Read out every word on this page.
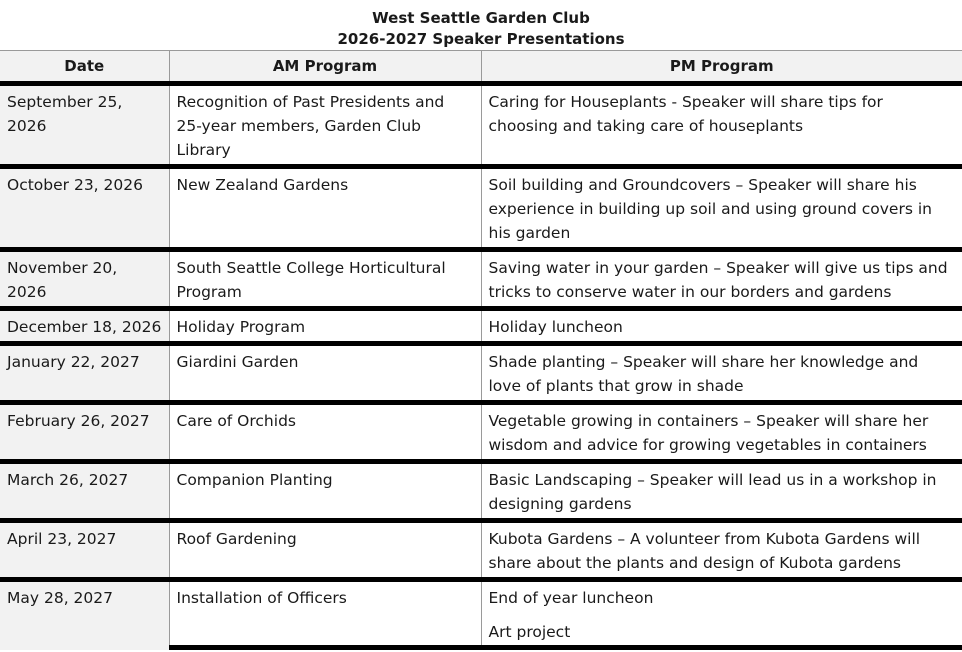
West Seattle Garden Club
2026-2027 Speaker Presentations
Date	AM Program	PM Program
September 25, 2026	Recognition of Past Presidents and 25-year members, Garden Club Library	Caring for Houseplants - Speaker will share tips for choosing and taking care of houseplants
October 23, 2026	New Zealand Gardens	Soil building and Groundcovers – Speaker will share his experience in building up soil and using ground covers in his garden
November 20, 2026	South Seattle College Horticultural Program	Saving water in your garden – Speaker will give us tips and tricks to conserve water in our borders and gardens
December 18, 2026	Holiday Program	Holiday luncheon
January 22, 2027	Giardini Garden	Shade planting – Speaker will share her knowledge and love of plants that grow in shade
February 26, 2027	Care of Orchids	Vegetable growing in containers – Speaker will share her wisdom and advice for growing vegetables in containers
March 26, 2027	Companion Planting	Basic Landscaping – Speaker will lead us in a workshop in designing gardens
April 23, 2027	Roof Gardening	Kubota Gardens – A volunteer from Kubota Gardens will share about the plants and design of Kubota gardens
May 28, 2027	Installation of Officers	End of year luncheon
Art project
